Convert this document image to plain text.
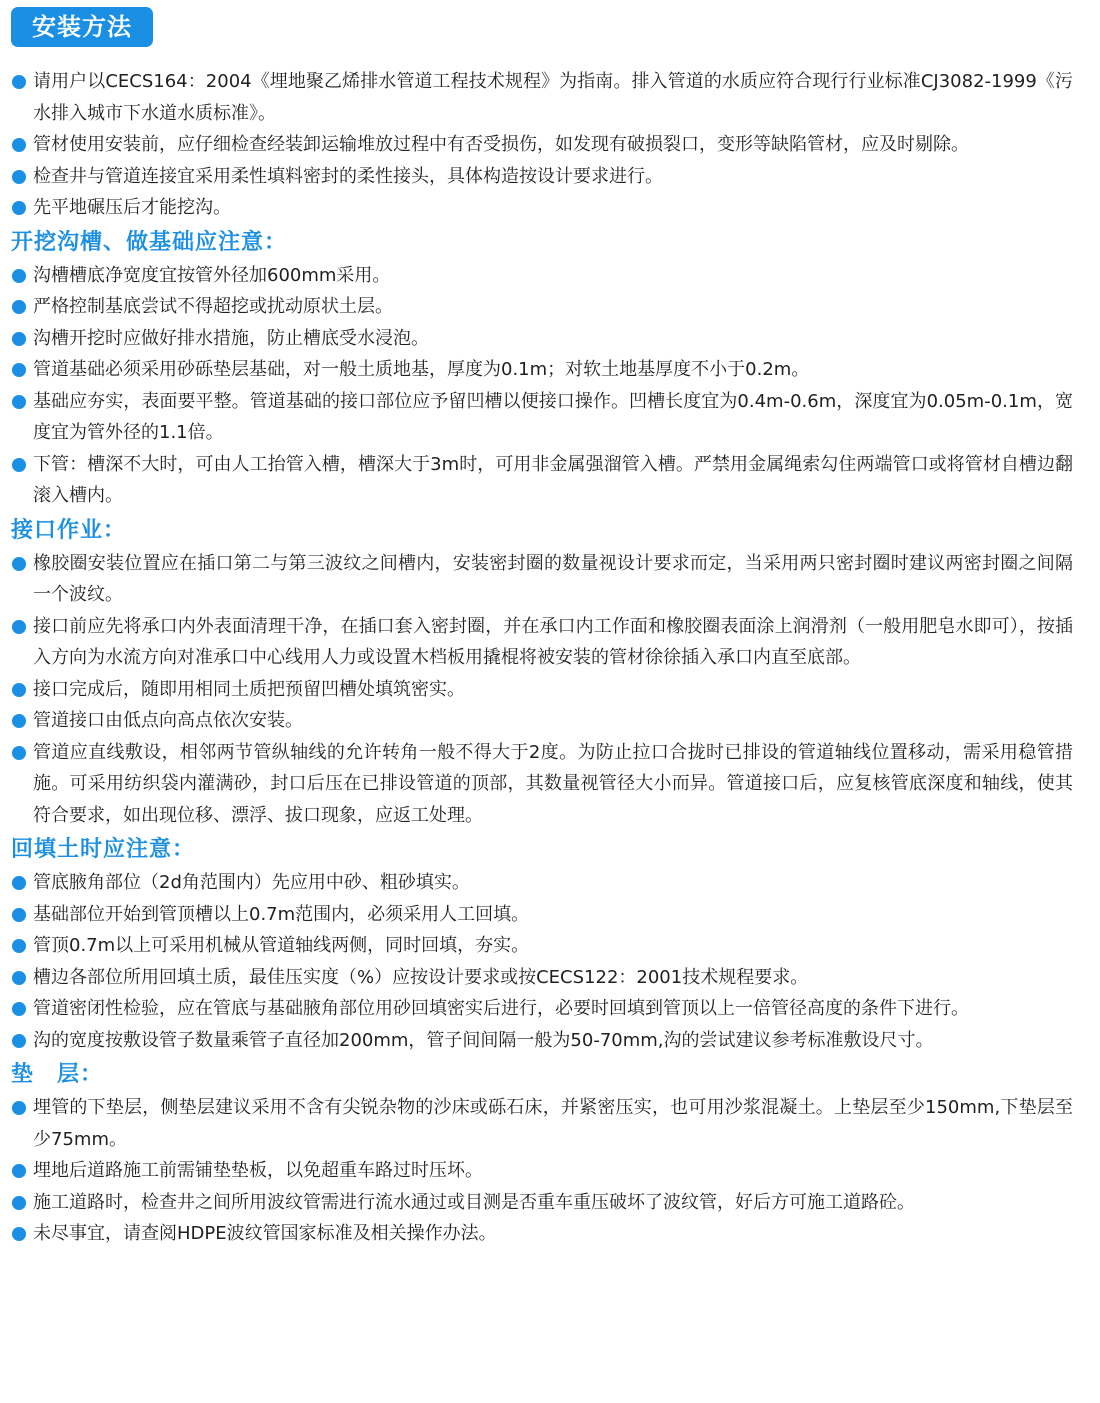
安装方法

请用户以CECS164：2004《埋地聚乙烯排水管道工程技术规程》为指南。排入管道的水质应符合现行行业标准CJ3082-1999《污水排入城市下水道水质标准》。

管材使用安装前，应仔细检查经装卸运输堆放过程中有否受损伤，如发现有破损裂口，变形等缺陷管材，应及时剔除。

检查井与管道连接宜采用柔性填料密封的柔性接头，具体构造按设计要求进行。

先平地碾压后才能挖沟。

开挖沟槽、做基础应注意：

沟槽槽底净宽度宜按管外径加600mm采用。

严格控制基底尝试不得超挖或扰动原状土层。

沟槽开挖时应做好排水措施，防止槽底受水浸泡。

管道基础必须采用砂砾垫层基础，对一般土质地基，厚度为0.1m；对软土地基厚度不小于0.2m。

基础应夯实，表面要平整。管道基础的接口部位应予留凹槽以便接口操作。凹槽长度宜为0.4m-0.6m，深度宜为0.05m-0.1m，宽度宜为管外径的1.1倍。

下管：槽深不大时，可由人工抬管入槽，槽深大于3m时，可用非金属强溜管入槽。严禁用金属绳索勾住两端管口或将管材自槽边翻滚入槽内。

接口作业：

橡胶圈安装位置应在插口第二与第三波纹之间槽内，安装密封圈的数量视设计要求而定，当采用两只密封圈时建议两密封圈之间隔一个波纹。

接口前应先将承口内外表面清理干净，在插口套入密封圈，并在承口内工作面和橡胶圈表面涂上润滑剂（一般用肥皂水即可），按插入方向为水流方向对准承口中心线用人力或设置木档板用撬棍将被安装的管材徐徐插入承口内直至底部。

接口完成后，随即用相同土质把预留凹槽处填筑密实。

管道接口由低点向高点依次安装。

管道应直线敷设，相邻两节管纵轴线的允许转角一般不得大于2度。为防止拉口合拢时已排设的管道轴线位置移动，需采用稳管措施。可采用纺织袋内灌满砂，封口后压在已排设管道的顶部，其数量视管径大小而异。管道接口后，应复核管底深度和轴线，使其符合要求，如出现位移、漂浮、拔口现象，应返工处理。

回填土时应注意：

管底腋角部位（2d角范围内）先应用中砂、粗砂填实。

基础部位开始到管顶槽以上0.7m范围内，必须采用人工回填。

管顶0.7m以上可采用机械从管道轴线两侧，同时回填，夯实。

槽边各部位所用回填土质，最佳压实度（%）应按设计要求或按CECS122：2001技术规程要求。

管道密闭性检验，应在管底与基础腋角部位用砂回填密实后进行，必要时回填到管顶以上一倍管径高度的条件下进行。

沟的宽度按敷设管子数量乘管子直径加200mm，管子间间隔一般为50-70mm,沟的尝试建议参考标准敷设尺寸。

垫　层：

埋管的下垫层，侧垫层建议采用不含有尖锐杂物的沙床或砾石床，并紧密压实，也可用沙浆混凝土。上垫层至少150mm,下垫层至少75mm。

埋地后道路施工前需铺垫垫板，以免超重车路过时压坏。

施工道路时，检查井之间所用波纹管需进行流水通过或目测是否重车重压破坏了波纹管，好后方可施工道路砼。

未尽事宜，请查阅HDPE波纹管国家标准及相关操作办法。
